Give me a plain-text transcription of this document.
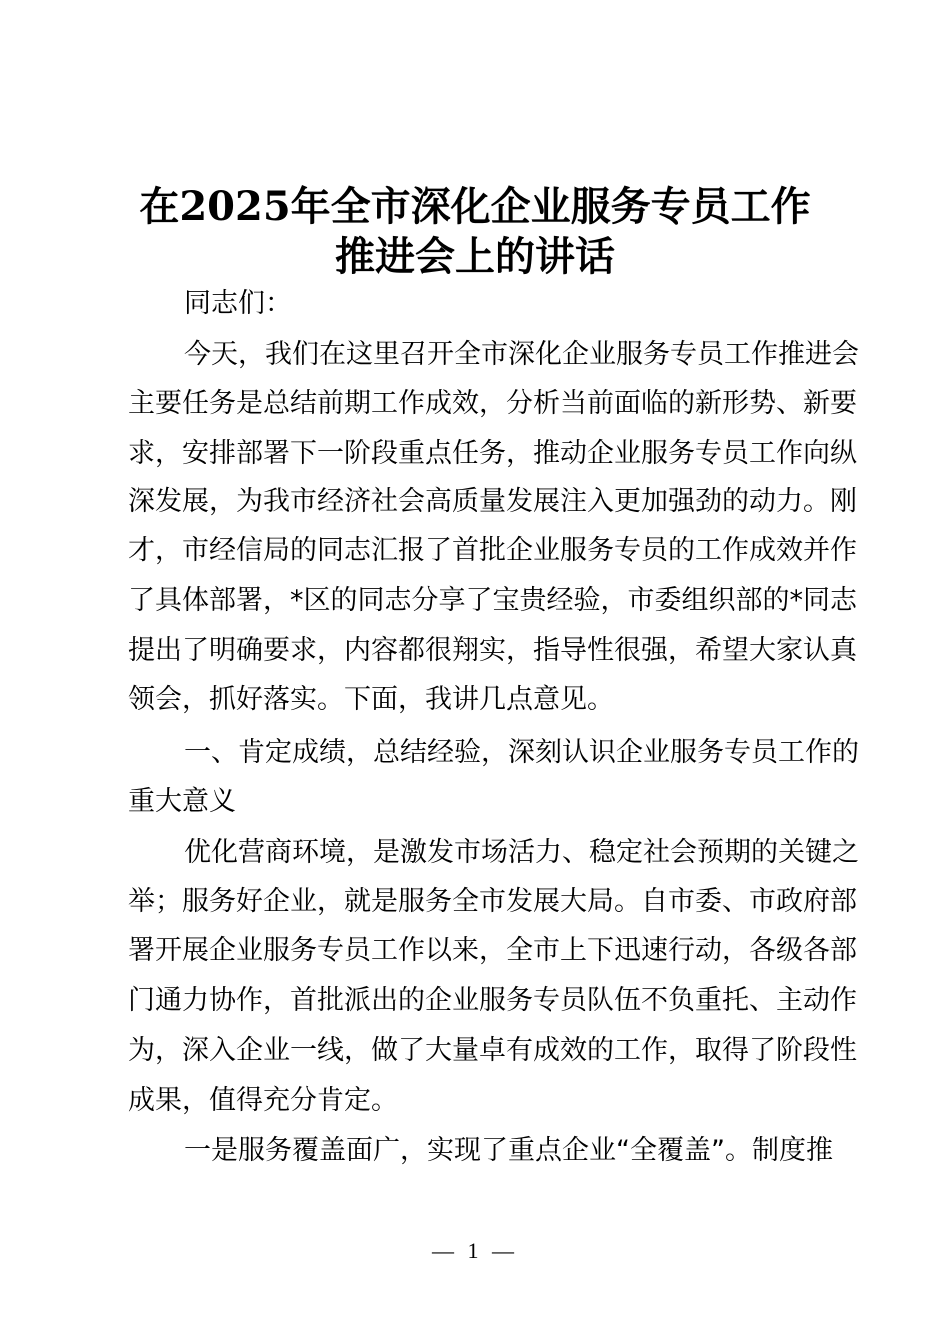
在2025年全市深化企业服务专员工作
推进会上的讲话
同志们：
今天，我们在这里召开全市深化企业服务专员工作推进会
主要任务是总结前期工作成效，分析当前面临的新形势、新要
求，安排部署下一阶段重点任务，推动企业服务专员工作向纵
深发展，为我市经济社会高质量发展注入更加强劲的动力。刚
才，市经信局的同志汇报了首批企业服务专员的工作成效并作
了具体部署，*区的同志分享了宝贵经验，市委组织部的*同志
提出了明确要求，内容都很翔实，指导性很强，希望大家认真
领会，抓好落实。下面，我讲几点意见。
一、肯定成绩，总结经验，深刻认识企业服务专员工作的
重大意义
优化营商环境，是激发市场活力、稳定社会预期的关键之
举；服务好企业，就是服务全市发展大局。自市委、市政府部
署开展企业服务专员工作以来，全市上下迅速行动，各级各部
门通力协作，首批派出的企业服务专员队伍不负重托、主动作
为，深入企业一线，做了大量卓有成效的工作，取得了阶段性
成果，值得充分肯定。
一是服务覆盖面广，实现了重点企业“全覆盖”。制度推
— 1 —
